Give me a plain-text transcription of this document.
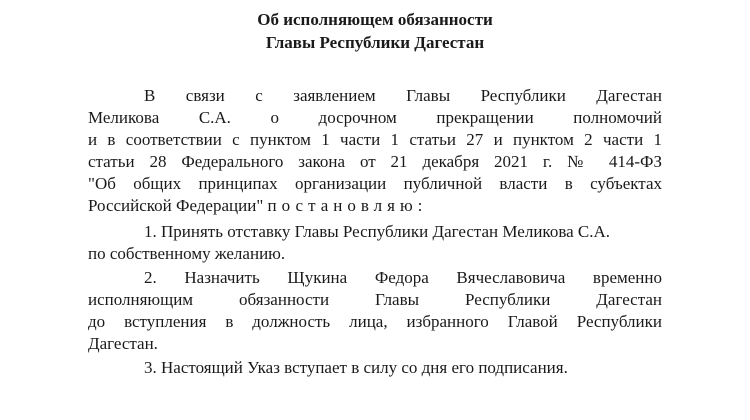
Об исполняющем обязанности
Главы Республики Дагестан
В связи с заявлением Главы Республики Дагестан
Меликова С.А. о досрочном прекращении полномочий
и в соответствии с пунктом 1 части 1 статьи 27 и пунктом 2 части 1
статьи 28 Федерального закона от 21 декабря 2021 г. № 414-ФЗ
"Об общих принципах организации публичной власти в субъектах
Российской Федерации" постановляю:
1. Принять отставку Главы Республики Дагестан Меликова С.А.
по собственному желанию.
2. Назначить Щукина Федора Вячеславовича временно
исполняющим обязанности Главы Республики Дагестан
до вступления в должность лица, избранного Главой Республики
Дагестан.
3. Настоящий Указ вступает в силу со дня его подписания.
